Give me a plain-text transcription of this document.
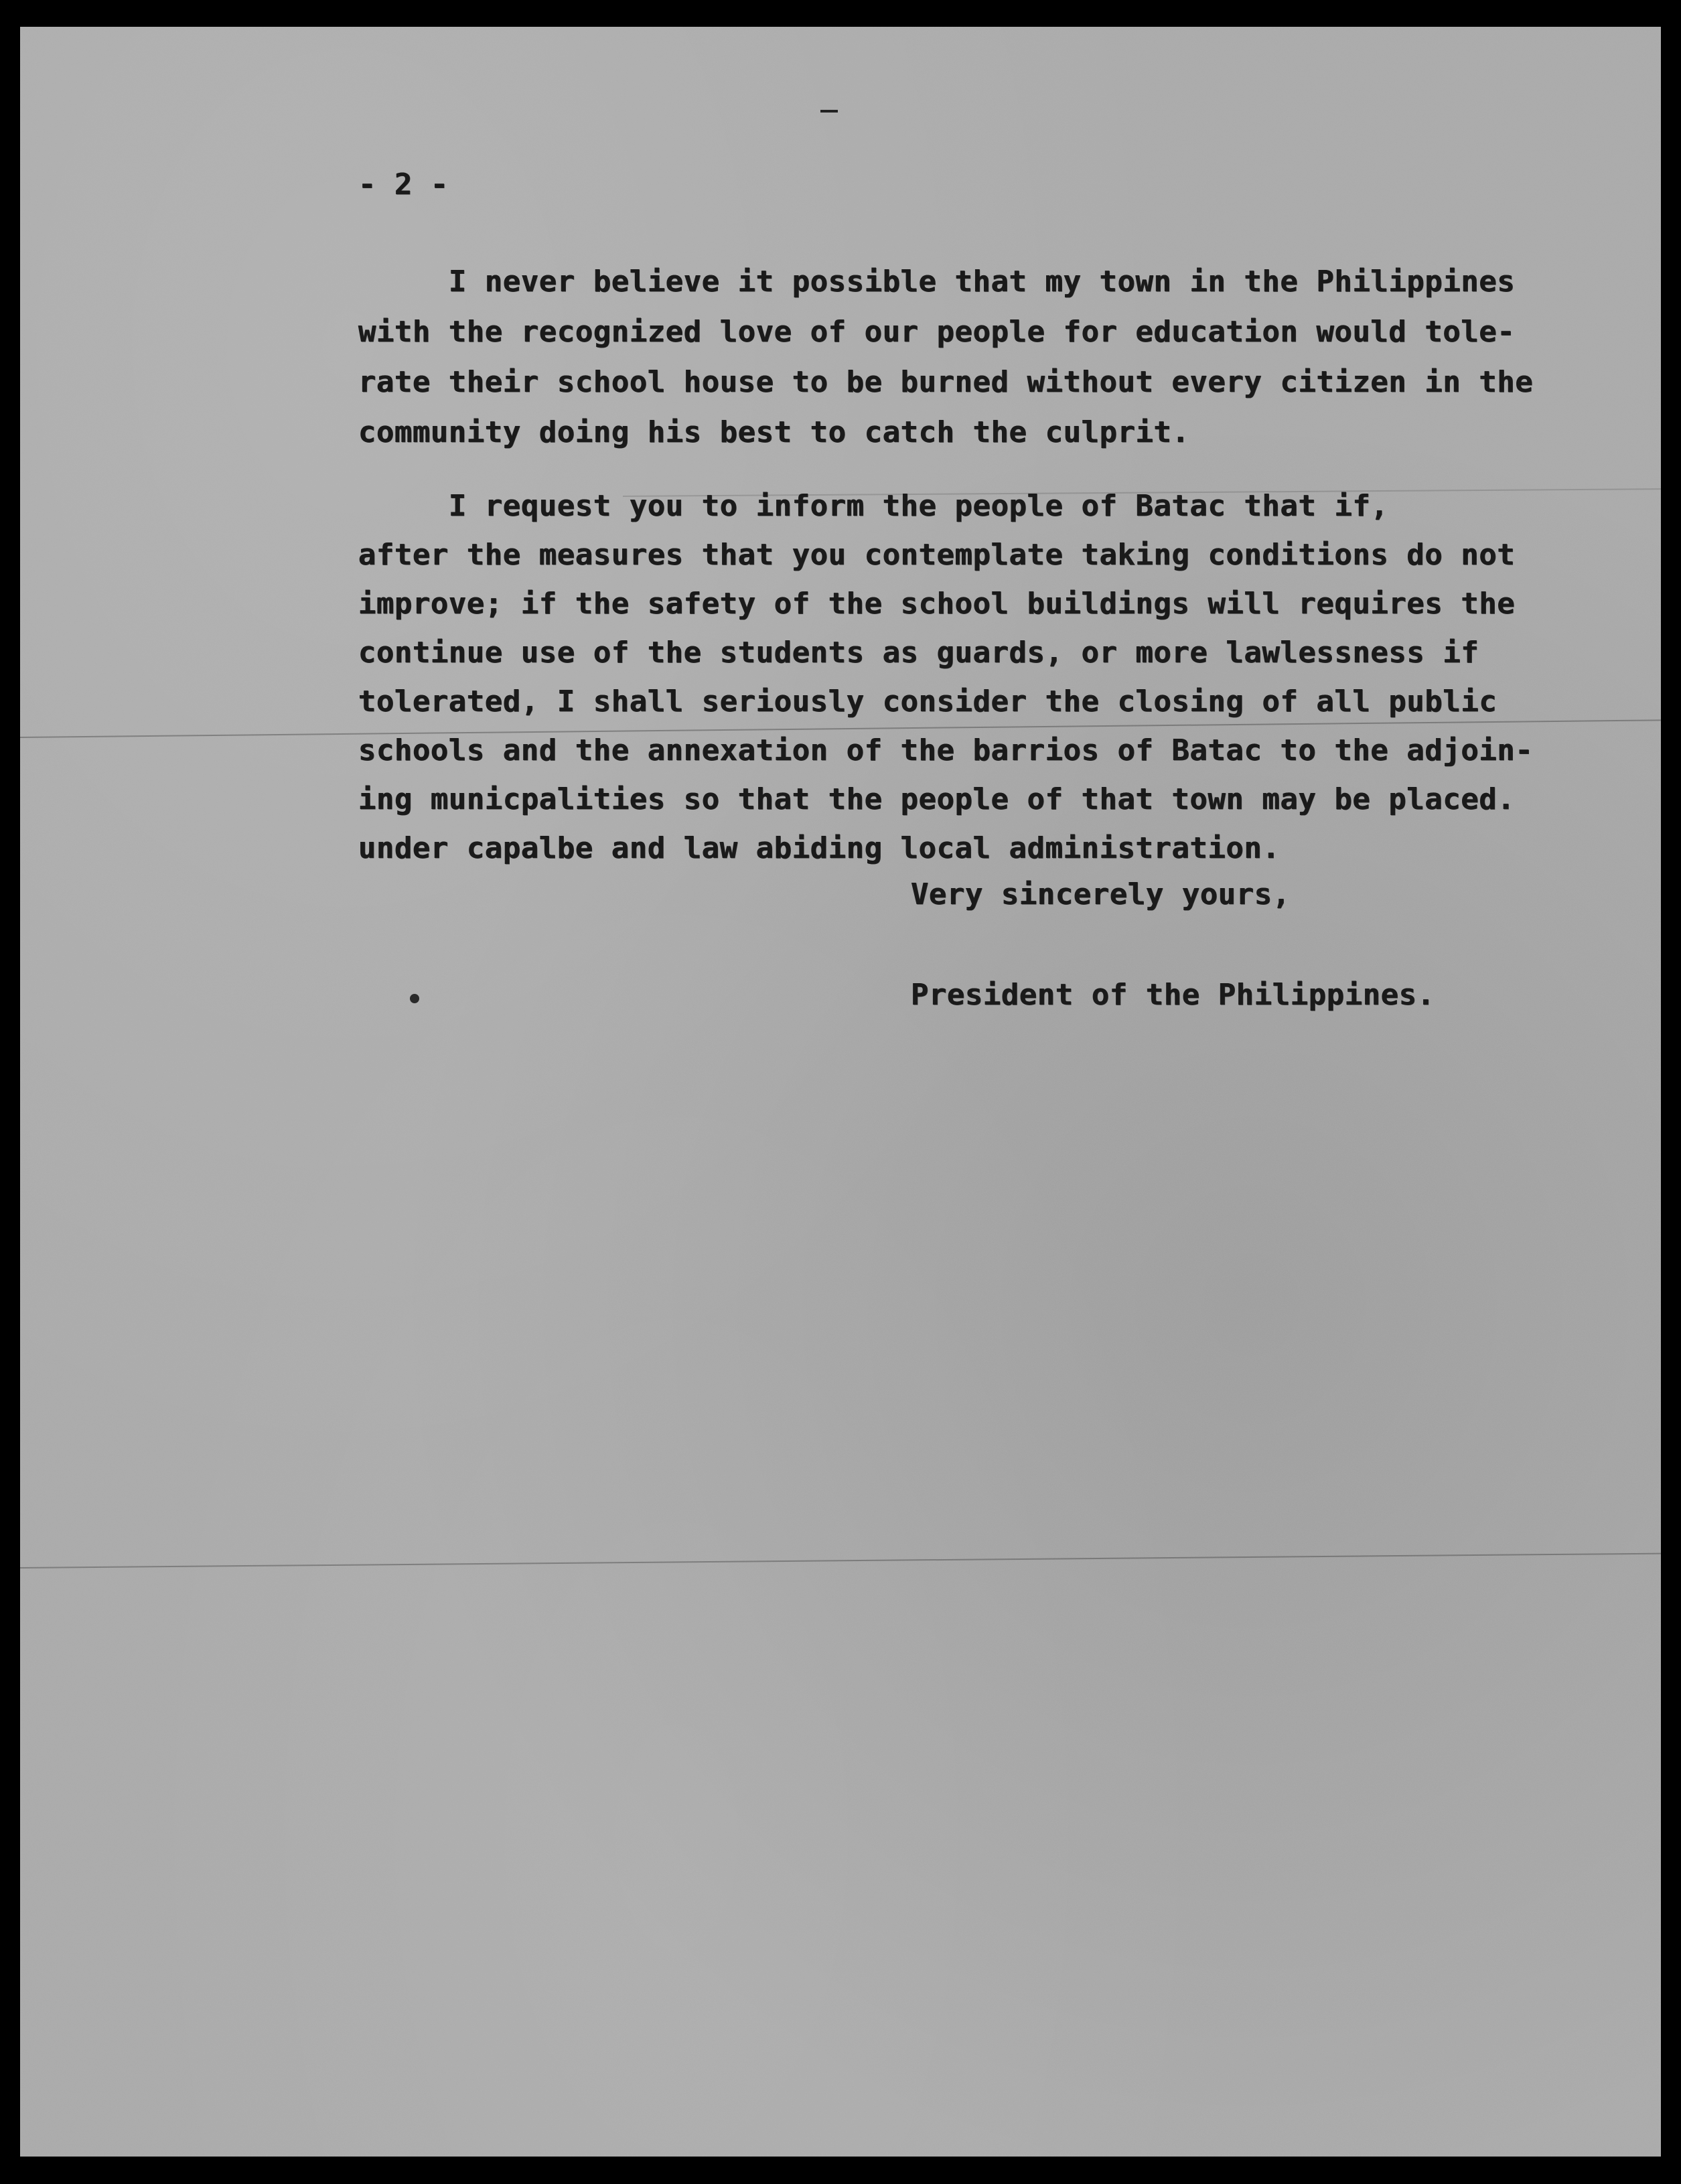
- 2 -
I never believe it possible that my town in the Philippines
with the recognized love of our people for education would tole-
rate their school house to be burned without every citizen in the
community doing his best to catch the culprit.
I request you to inform the people of Batac that if,
after the measures that you contemplate taking conditions do not
improve; if the safety of the school buildings will requires the
continue use of the students as guards, or more lawlessness if
tolerated, I shall seriously consider the closing of all public
schools and the annexation of the barrios of Batac to the adjoin-
ing municpalities so that the people of that town may be placed.
under capalbe and law abiding local administration.
Very sincerely yours,
President of the Philippines.
